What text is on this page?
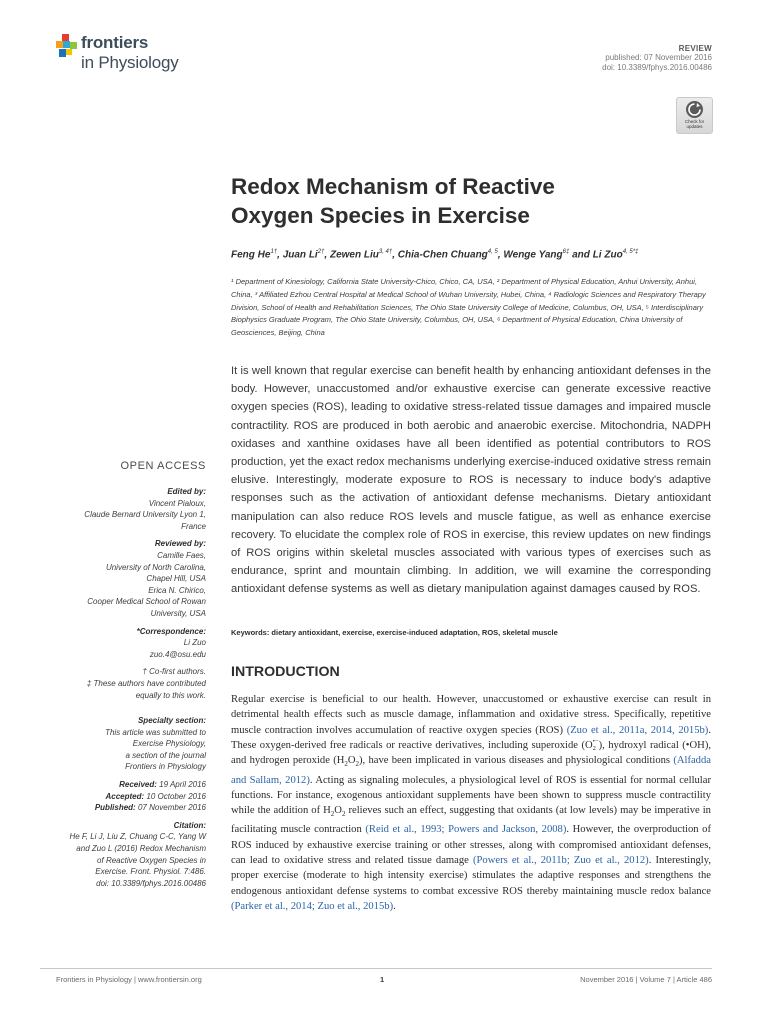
frontiers
in Physiology
REVIEW
published: 07 November 2016
doi: 10.3389/fphys.2016.00486
Check for
updates
Redox Mechanism of Reactive
Oxygen Species in Exercise
Feng $He^{1\dagger}$, Juan $Li^{2\dagger}$, Zewen Liu$^{3, 4\dagger}$, Chia-Chen Chuang$^{4, 5}$, Wenge Yang$^{6\ddagger}$ and Li Zuo$^{4, 5*\ddagger}$
¹ Department of Kinesiology, California State University-Chico, Chico, CA, USA, ² Department of Physical Education, Anhui University, Anhui, China, ³ Affiliated Ezhou Central Hospital at Medical School of Wuhan University, Hubei, China, ⁴ Radiologic Sciences and Respiratory Therapy Division, School of Health and Rehabilitation Sciences, The Ohio State University College of Medicine, Columbus, OH, USA, ⁵ Interdisciplinary Biophysics Graduate Program, The Ohio State University, Columbus, OH, USA, ⁶ Department of Physical Education, China University of Geosciences, Beijing, China
It is well known that regular exercise can benefit health by enhancing antioxidant defenses in the body. However, unaccustomed and/or exhaustive exercise can generate excessive reactive oxygen species (ROS), leading to oxidative stress-related tissue damages and impaired muscle contractility. ROS are produced in both aerobic and anaerobic exercise. Mitochondria, NADPH oxidases and xanthine oxidases have all been identified as potential contributors to ROS production, yet the exact redox mechanisms underlying exercise-induced oxidative stress remain elusive. Interestingly, moderate exposure to ROS is necessary to induce body's adaptive responses such as the activation of antioxidant defense mechanisms. Dietary antioxidant manipulation can also reduce ROS levels and muscle fatigue, as well as enhance exercise recovery. To elucidate the complex role of ROS in exercise, this review updates on new findings of ROS origins within skeletal muscles associated with various types of exercises such as endurance, sprint and mountain climbing. In addition, we will examine the corresponding antioxidant defense systems as well as dietary manipulation against damages caused by ROS.
Keywords: dietary antioxidant, exercise, exercise-induced adaptation, ROS, skeletal muscle
OPEN ACCESS
Edited by:
Vincent Pialoux,
Claude Bernard University Lyon 1,
France
Reviewed by:
Camille Faes,
University of North Carolina,
Chapel Hill, USA
Erica N. Chirico,
Cooper Medical School of Rowan
University, USA
*Correspondence:
Li Zuo
zuo.4@osu.edu
† Co-first authors.
‡ These authors have contributed
equally to this work.
Specialty section:
This article was submitted to
Exercise Physiology,
a section of the journal
Frontiers in Physiology
Received: 19 April 2016
Accepted: 10 October 2016
Published: 07 November 2016
Citation:
He F, Li J, Liu Z, Chuang C-C, Yang W
and Zuo L (2016) Redox Mechanism
of Reactive Oxygen Species in
Exercise. Front. Physiol. 7:486.
doi: 10.3389/fphys.2016.00486
INTRODUCTION
Regular exercise is beneficial to our health. However, unaccustomed or exhaustive exercise can result in detrimental health effects such as muscle damage, inflammation and oxidative stress. Specifically, repetitive muscle contraction involves accumulation of reactive oxygen species (ROS) (Zuo et al., 2011a, 2014, 2015b). These oxygen-derived free radicals or reactive derivatives, including superoxide (O •−
2 ), hydroxyl radical (•OH), and hydrogen peroxide $(H_2O_2)$, have been implicated in various diseases and physiological conditions (Alfadda and Sallam, 2012). Acting as signaling molecules, a physiological level of ROS is essential for normal cellular functions. For instance, exogenous antioxidant supplements have been shown to suppress muscle contractility while the addition of $H_2O_2$ relieves such an effect, suggesting that oxidants (at low levels) may be imperative in facilitating muscle contraction (Reid et al., 1993; Powers and Jackson, 2008). However, the overproduction of ROS induced by exhaustive exercise training or other stresses, along with compromised antioxidant defenses, can lead to oxidative stress and related tissue damage (Powers et al., 2011b; Zuo et al., 2012). Interestingly, proper exercise (moderate to high intensity exercise) stimulates the adaptive responses and strengthens the endogenous antioxidant defense systems to combat excessive ROS thereby maintaining muscle redox balance (Parker et al., 2014; Zuo et al., 2015b).
Frontiers in Physiology | www.frontiersin.org	1	November 2016 | Volume 7 | Article 486
